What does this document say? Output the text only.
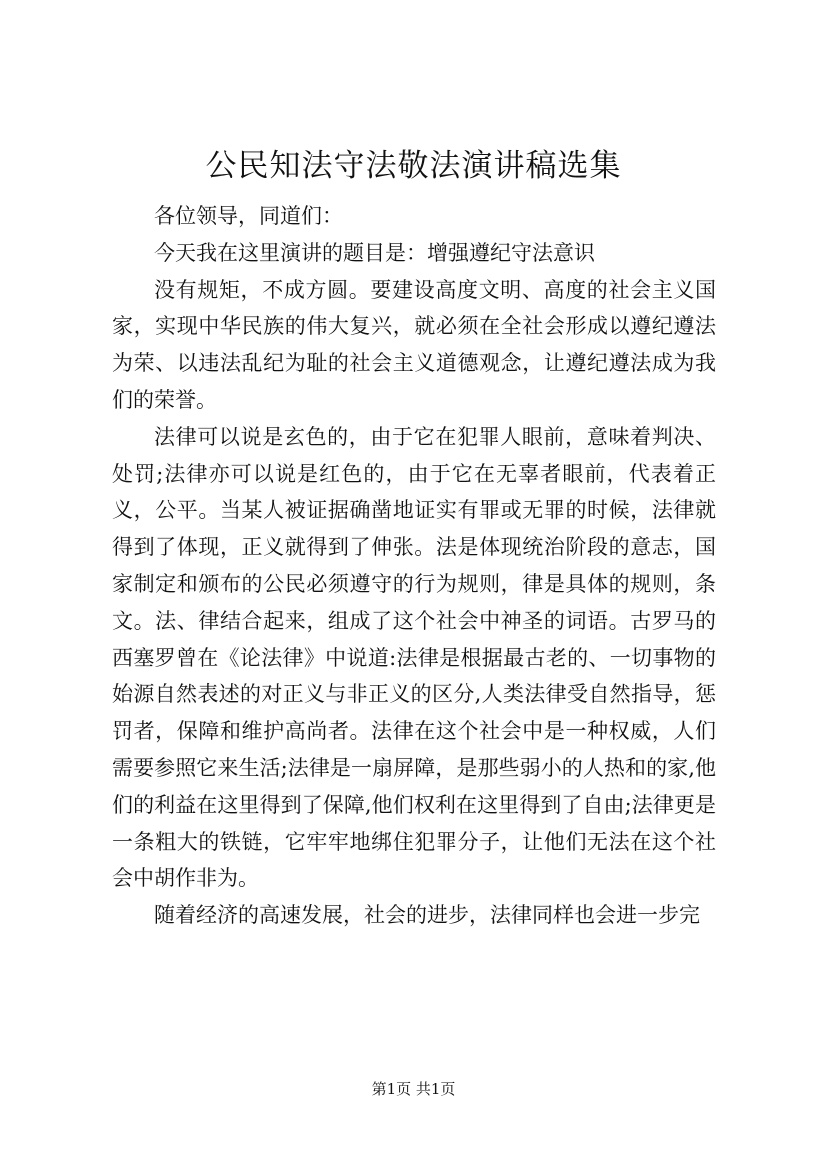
公民知法守法敬法演讲稿选集

各位领导，同道们：

今天我在这里演讲的题目是：增强遵纪守法意识

没有规矩，不成方圆。要建设高度文明、高度的社会主义国家，实现中华民族的伟大复兴，就必须在全社会形成以遵纪遵法为荣、以违法乱纪为耻的社会主义道德观念，让遵纪遵法成为我们的荣誉。

法律可以说是玄色的，由于它在犯罪人眼前，意味着判决、处罚;法律亦可以说是红色的，由于它在无辜者眼前，代表着正义，公平。当某人被证据确凿地证实有罪或无罪的时候，法律就得到了体现，正义就得到了伸张。法是体现统治阶段的意志，国家制定和颁布的公民必须遵守的行为规则，律是具体的规则，条文。法、律结合起来，组成了这个社会中神圣的词语。古罗马的西塞罗曾在《论法律》中说道:法律是根据最古老的、一切事物的始源自然表述的对正义与非正义的区分,人类法律受自然指导，惩罚者，保障和维护高尚者。法律在这个社会中是一种权威，人们需要参照它来生活;法律是一扇屏障，是那些弱小的人热和的家,他们的利益在这里得到了保障,他们权利在这里得到了自由;法律更是一条粗大的铁链，它牢牢地绑住犯罪分子，让他们无法在这个社会中胡作非为。

随着经济的高速发展，社会的进步，法律同样也会进一步完

第1页 共1页
